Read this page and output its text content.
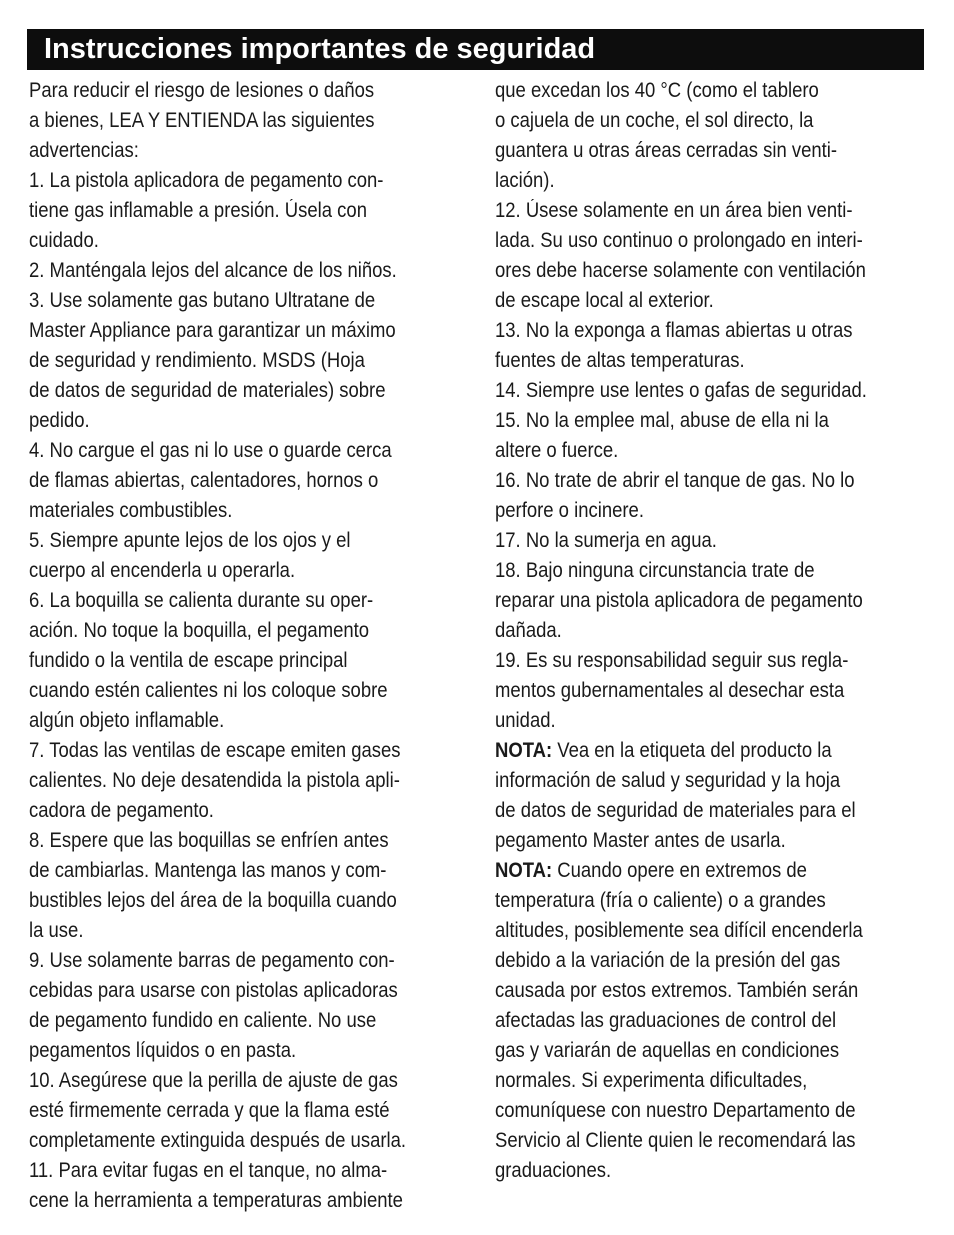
Instrucciones importantes de seguridad
Para reducir el riesgo de lesiones o daños
a bienes, LEA Y ENTIENDA las siguientes
advertencias:
1. La pistola aplicadora de pegamento con-
tiene gas inflamable a presión. Úsela con
cuidado.
2. Manténgala lejos del alcance de los niños.
3. Use solamente gas butano Ultratane de
Master Appliance para garantizar un máximo
de seguridad y rendimiento. MSDS (Hoja
de datos de seguridad de materiales) sobre
pedido.
4. No cargue el gas ni lo use o guarde cerca
de flamas abiertas, calentadores, hornos o
materiales combustibles.
5. Siempre apunte lejos de los ojos y el
cuerpo al encenderla u operarla.
6. La boquilla se calienta durante su oper-
ación. No toque la boquilla, el pegamento
fundido o la ventila de escape principal
cuando estén calientes ni los coloque sobre
algún objeto inflamable.
7. Todas las ventilas de escape emiten gases
calientes. No deje desatendida la pistola apli-
cadora de pegamento.
8. Espere que las boquillas se enfríen antes
de cambiarlas. Mantenga las manos y com-
bustibles lejos del área de la boquilla cuando
la use.
9. Use solamente barras de pegamento con-
cebidas para usarse con pistolas aplicadoras
de pegamento fundido en caliente. No use
pegamentos líquidos o en pasta.
10. Asegúrese que la perilla de ajuste de gas
esté firmemente cerrada y que la flama esté
completamente extinguida después de usarla.
11. Para evitar fugas en el tanque, no alma-
cene la herramienta a temperaturas ambiente
que excedan los 40 °C (como el tablero
o cajuela de un coche, el sol directo, la
guantera u otras áreas cerradas sin venti-
lación).
12. Úsese solamente en un área bien venti-
lada. Su uso continuo o prolongado en interi-
ores debe hacerse solamente con ventilación
de escape local al exterior.
13. No la exponga a flamas abiertas u otras
fuentes de altas temperaturas.
14. Siempre use lentes o gafas de seguridad.
15. No la emplee mal, abuse de ella ni la
altere o fuerce.
16. No trate de abrir el tanque de gas. No lo
perfore o incinere.
17. No la sumerja en agua.
18. Bajo ninguna circunstancia trate de
reparar una pistola aplicadora de pegamento
dañada.
19. Es su responsabilidad seguir sus regla-
mentos gubernamentales al desechar esta
unidad.
NOTA: Vea en la etiqueta del producto la
información de salud y seguridad y la hoja
de datos de seguridad de materiales para el
pegamento Master antes de usarla.
NOTA: Cuando opere en extremos de
temperatura (fría o caliente) o a grandes
altitudes, posiblemente sea difícil encenderla
debido a la variación de la presión del gas
causada por estos extremos. También serán
afectadas las graduaciones de control del
gas y variarán de aquellas en condiciones
normales. Si experimenta dificultades,
comuníquese con nuestro Departamento de
Servicio al Cliente quien le recomendará las
graduaciones.
